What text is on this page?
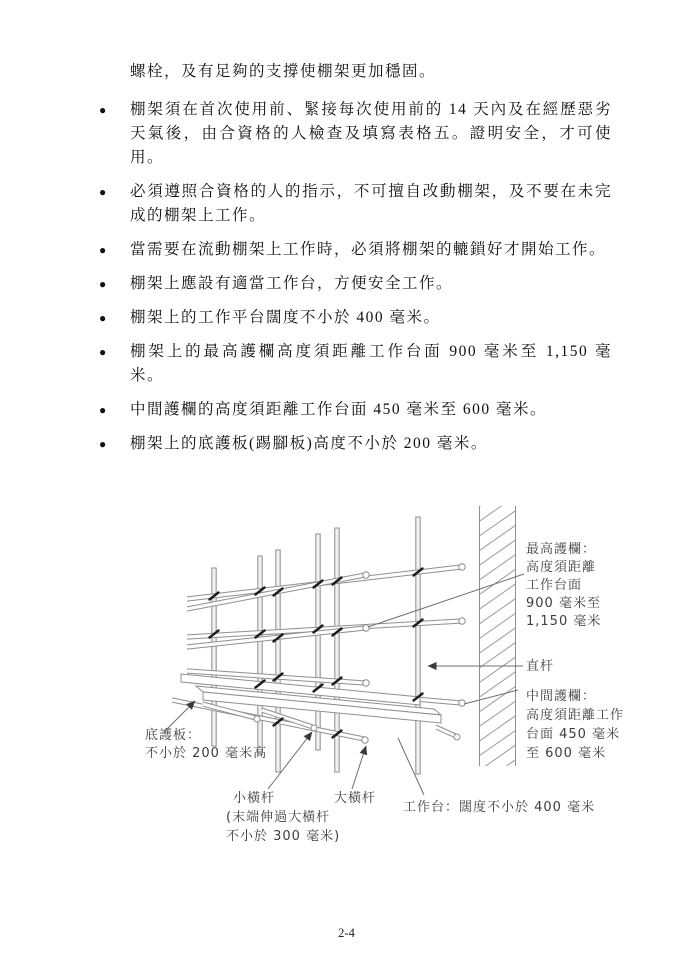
螺栓，及有足夠的支撐使棚架更加穩固。

● 棚架須在首次使用前、緊接每次使用前的 14 天內及在經歷惡劣天氣後，由合資格的人檢查及填寫表格五。證明安全，才可使用。
● 必須遵照合資格的人的指示，不可擅自改動棚架，及不要在未完成的棚架上工作。
● 當需要在流動棚架上工作時，必須將棚架的轆鎖好才開始工作。
● 棚架上應設有適當工作台，方便安全工作。
● 棚架上的工作平台闊度不小於 400 毫米。
● 棚架上的最高護欄高度須距離工作台面 900 毫米至 1,150 毫米。
● 中間護欄的高度須距離工作台面 450 毫米至 600 毫米。
● 棚架上的底護板(踢腳板)高度不小於 200 毫米。
最高護欄：
高度須距離
工作台面
900 毫米至
1,150 毫米
直杆
中間護欄：
高度須距離工作
台面 450 毫米
至 600 毫米
底護板：
不小於 200 毫米高
小橫杆
(末端伸過大橫杆
不小於 300 毫米)
大橫杆
工作台：闊度不小於 400 毫米
2-4
